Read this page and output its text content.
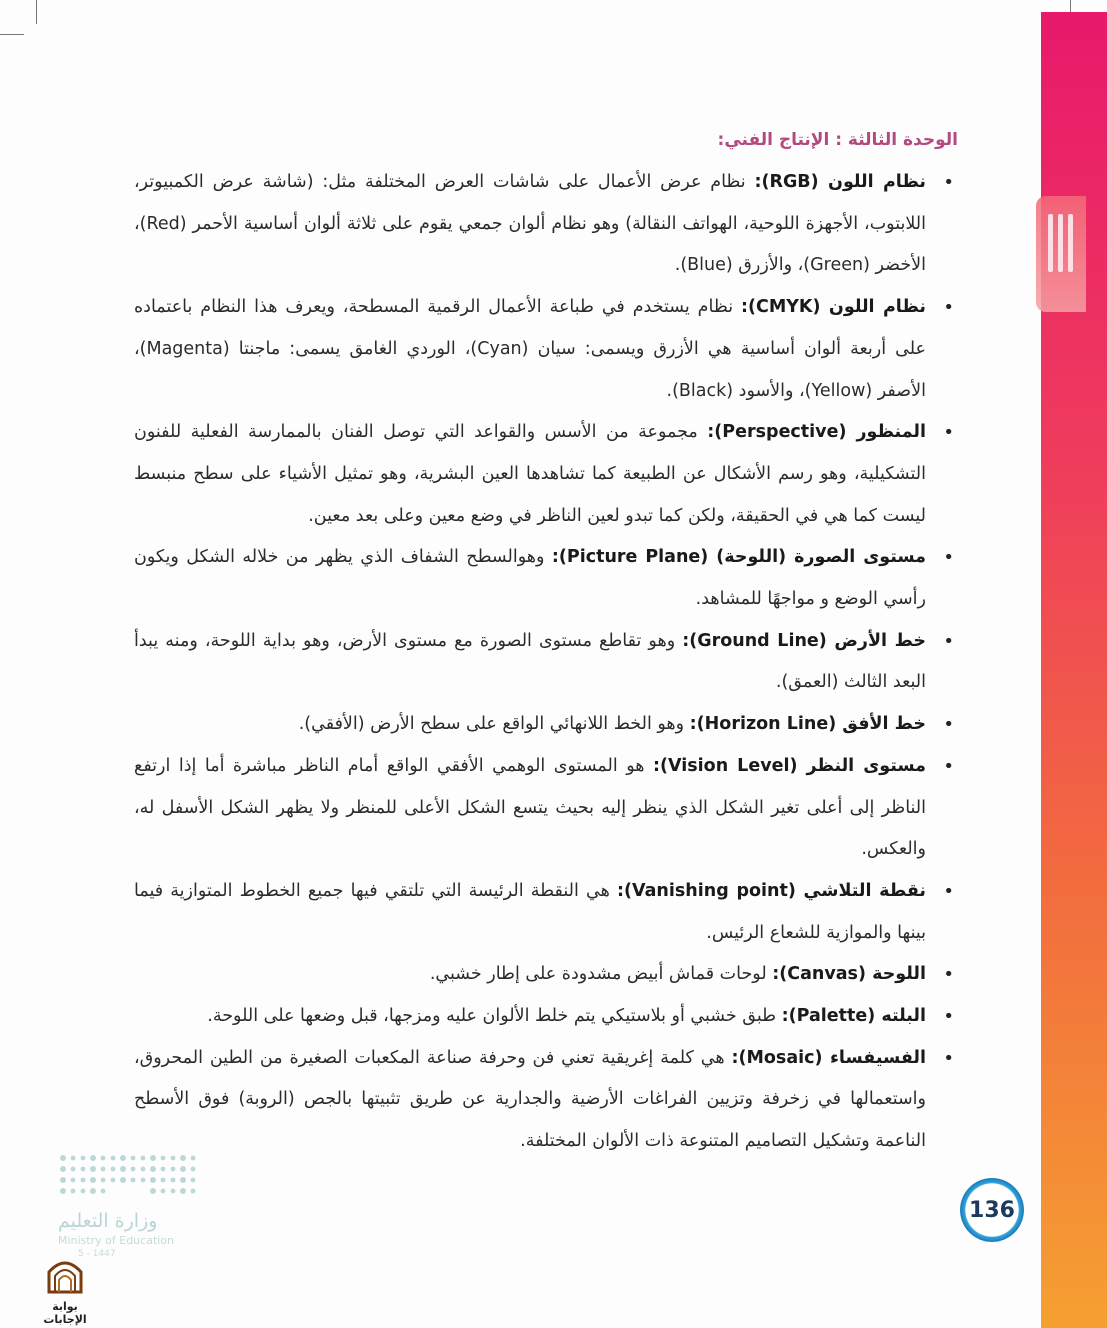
الوحدة الثالثة : الإنتاج الفني:
• نظام اللون (RGB): نظام عرض الأعمال على شاشات العرض المختلفة مثل: (شاشة عرض الكمبيوتر، اللابتوب، الأجهزة اللوحية، الهواتف النقالة) وهو نظام ألوان جمعي يقوم على ثلاثة ألوان أساسية الأحمر (Red)، الأخضر (Green)، والأزرق (Blue).
• نظام اللون (CMYK): نظام يستخدم في طباعة الأعمال الرقمية المسطحة، ويعرف هذا النظام باعتماده على أربعة ألوان أساسية هي الأزرق ويسمى: سيان (Cyan)، الوردي الغامق يسمى: ماجنتا (Magenta)، الأصفر (Yellow)، والأسود (Black).
• المنظور (Perspective): مجموعة من الأسس والقواعد التي توصل الفنان بالممارسة الفعلية للفنون التشكيلية، وهو رسم الأشكال عن الطبيعة كما تشاهدها العين البشرية، وهو تمثيل الأشياء على سطح منبسط ليست كما هي في الحقيقة، ولكن كما تبدو لعين الناظر في وضع معين وعلى بعد معين.
• مستوى الصورة (اللوحة) (Picture Plane): وهوالسطح الشفاف الذي يظهر من خلاله الشكل ويكون رأسي الوضع و مواجهًا للمشاهد.
• خط الأرض (Ground Line): وهو تقاطع مستوى الصورة مع مستوى الأرض، وهو بداية اللوحة، ومنه يبدأ البعد الثالث (العمق).
• خط الأفق (Horizon Line): وهو الخط اللانهائي الواقع على سطح الأرض (الأفقي).
• مستوى النظر (Vision Level): هو المستوى الوهمي الأفقي الواقع أمام الناظر مباشرة أما إذا ارتفع الناظر إلى أعلى تغير الشكل الذي ينظر إليه بحيث يتسع الشكل الأعلى للمنظر ولا يظهر الشكل الأسفل له، والعكس.
• نقطة التلاشي (Vanishing point): هي النقطة الرئيسة التي تلتقي فيها جميع الخطوط المتوازية فيما بينها والموازية للشعاع الرئيس.
• اللوحة (Canvas): لوحات قماش أبيض مشدودة على إطار خشبي.
• البلته (Palette): طبق خشبي أو بلاستيكي يتم خلط الألوان عليه ومزجها، قبل وضعها على اللوحة.
• الفسيفساء (Mosaic): هي كلمة إغريقية تعني فن وحرفة صناعة المكعبات الصغيرة من الطين المحروق، واستعمالها في زخرفة وتزيين الفراغات الأرضية والجدارية عن طريق تثبيتها بالجص (الروبة) فوق الأسطح الناعمة وتشكيل التصاميم المتنوعة ذات الألوان المختلفة.
136
وزارة التعليم
Ministry of Education
5 - 1447
بوابة الإجابات
